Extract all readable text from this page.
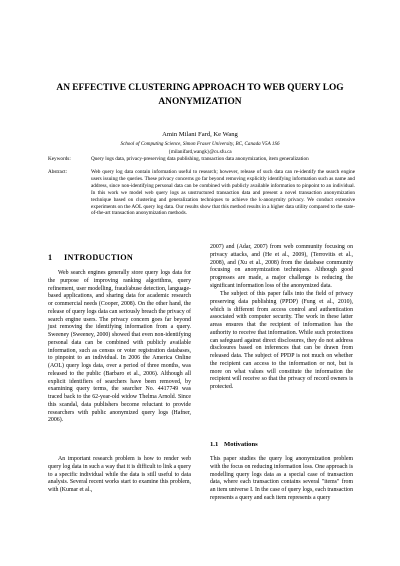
AN EFFECTIVE CLUSTERING APPROACH TO WEB QUERY LOG ANONYMIZATION
Amin Milani Fard, Ke Wang
School of Computing Science, Simon Fraser University, BC, Canada V5A 1S6
{milanifard,wangk}@cs.sfu.ca
Keywords:	Query logs data, privacy-preserving data publishing, transaction data anonymization, item generalization
Abstract:	Web query log data contain information useful to research; however, release of such data can re-identify the search engine users issuing the queries. These privacy concerns go far beyond removing explicitly identifying information such as name and address, since non-identifying personal data can be combined with publicly available information to pinpoint to an individual. In this work we model web query logs as unstructured transaction data and present a novel transaction anonymization technique based on clustering and generalization techniques to achieve the k-anonymity privacy. We conduct extensive experiments on the AOL query log data. Our results show that this method results in a higher data utility compared to the state-of-the-art transaction anonymization methods.
1 INTRODUCTION

Web search engines generally store query logs data for the purpose of improving ranking algorithms, query refinement, user modelling, fraud/abuse detection, language-based applications, and sharing data for academic research or commercial needs (Cooper, 2008). On the other hand, the release of query logs data can seriously breach the privacy of search engine users. The privacy concern goes far beyond just removing the identifying information from a query. Sweeney (Sweeney, 2000) showed that even non-identifying personal data can be combined with publicly available information, such as census or voter registration databases, to pinpoint to an individual. In 2006 the America Online (AOL) query logs data, over a period of three months, was released to the public (Barbaro et al., 2006). Although all explicit identifiers of searchers have been removed, by examining query terms, the searcher No. 4417749 was traced back to the 62-year-old widow Thelma Arnold. Since this scandal, data publishers become reluctant to provide researchers with public anonymized query logs (Hafner, 2006).

An important research problem is how to render web query log data in such a way that it is difficult to link a query to a specific individual while the data is still useful to data analysis. Several recent works start to examine this problem, with (Kumar et al.,

2007) and (Adar, 2007) from web community focusing on privacy attacks, and (He et al., 2009), (Terrovitis et al., 2008), and (Xu et al., 2008) from the database community focusing on anonymization techniques. Although good progresses are made, a major challenge is reducing the significant information loss of the anonymized data.

The subject of this paper falls into the field of privacy preserving data publishing (PPDP) (Fung et al., 2010), which is different from access control and authentication associated with computer security. The work in these latter areas ensures that the recipient of information has the authority to receive that information. While such protections can safeguard against direct disclosures, they do not address disclosures based on inferences that can be drawn from released data. The subject of PPDP is not much on whether the recipient can access to the information or not, but is more on what values will constitute the information the recipient will receive so that the privacy of record owners is protected.

1.1 Motivations

This paper studies the query log anonymization problem with the focus on reducing information loss. One approach is modelling query logs data as a special case of transaction data, where each transaction contains several "items" from an item universe I. In the case of query logs, each transaction represents a query and each item represents a query
